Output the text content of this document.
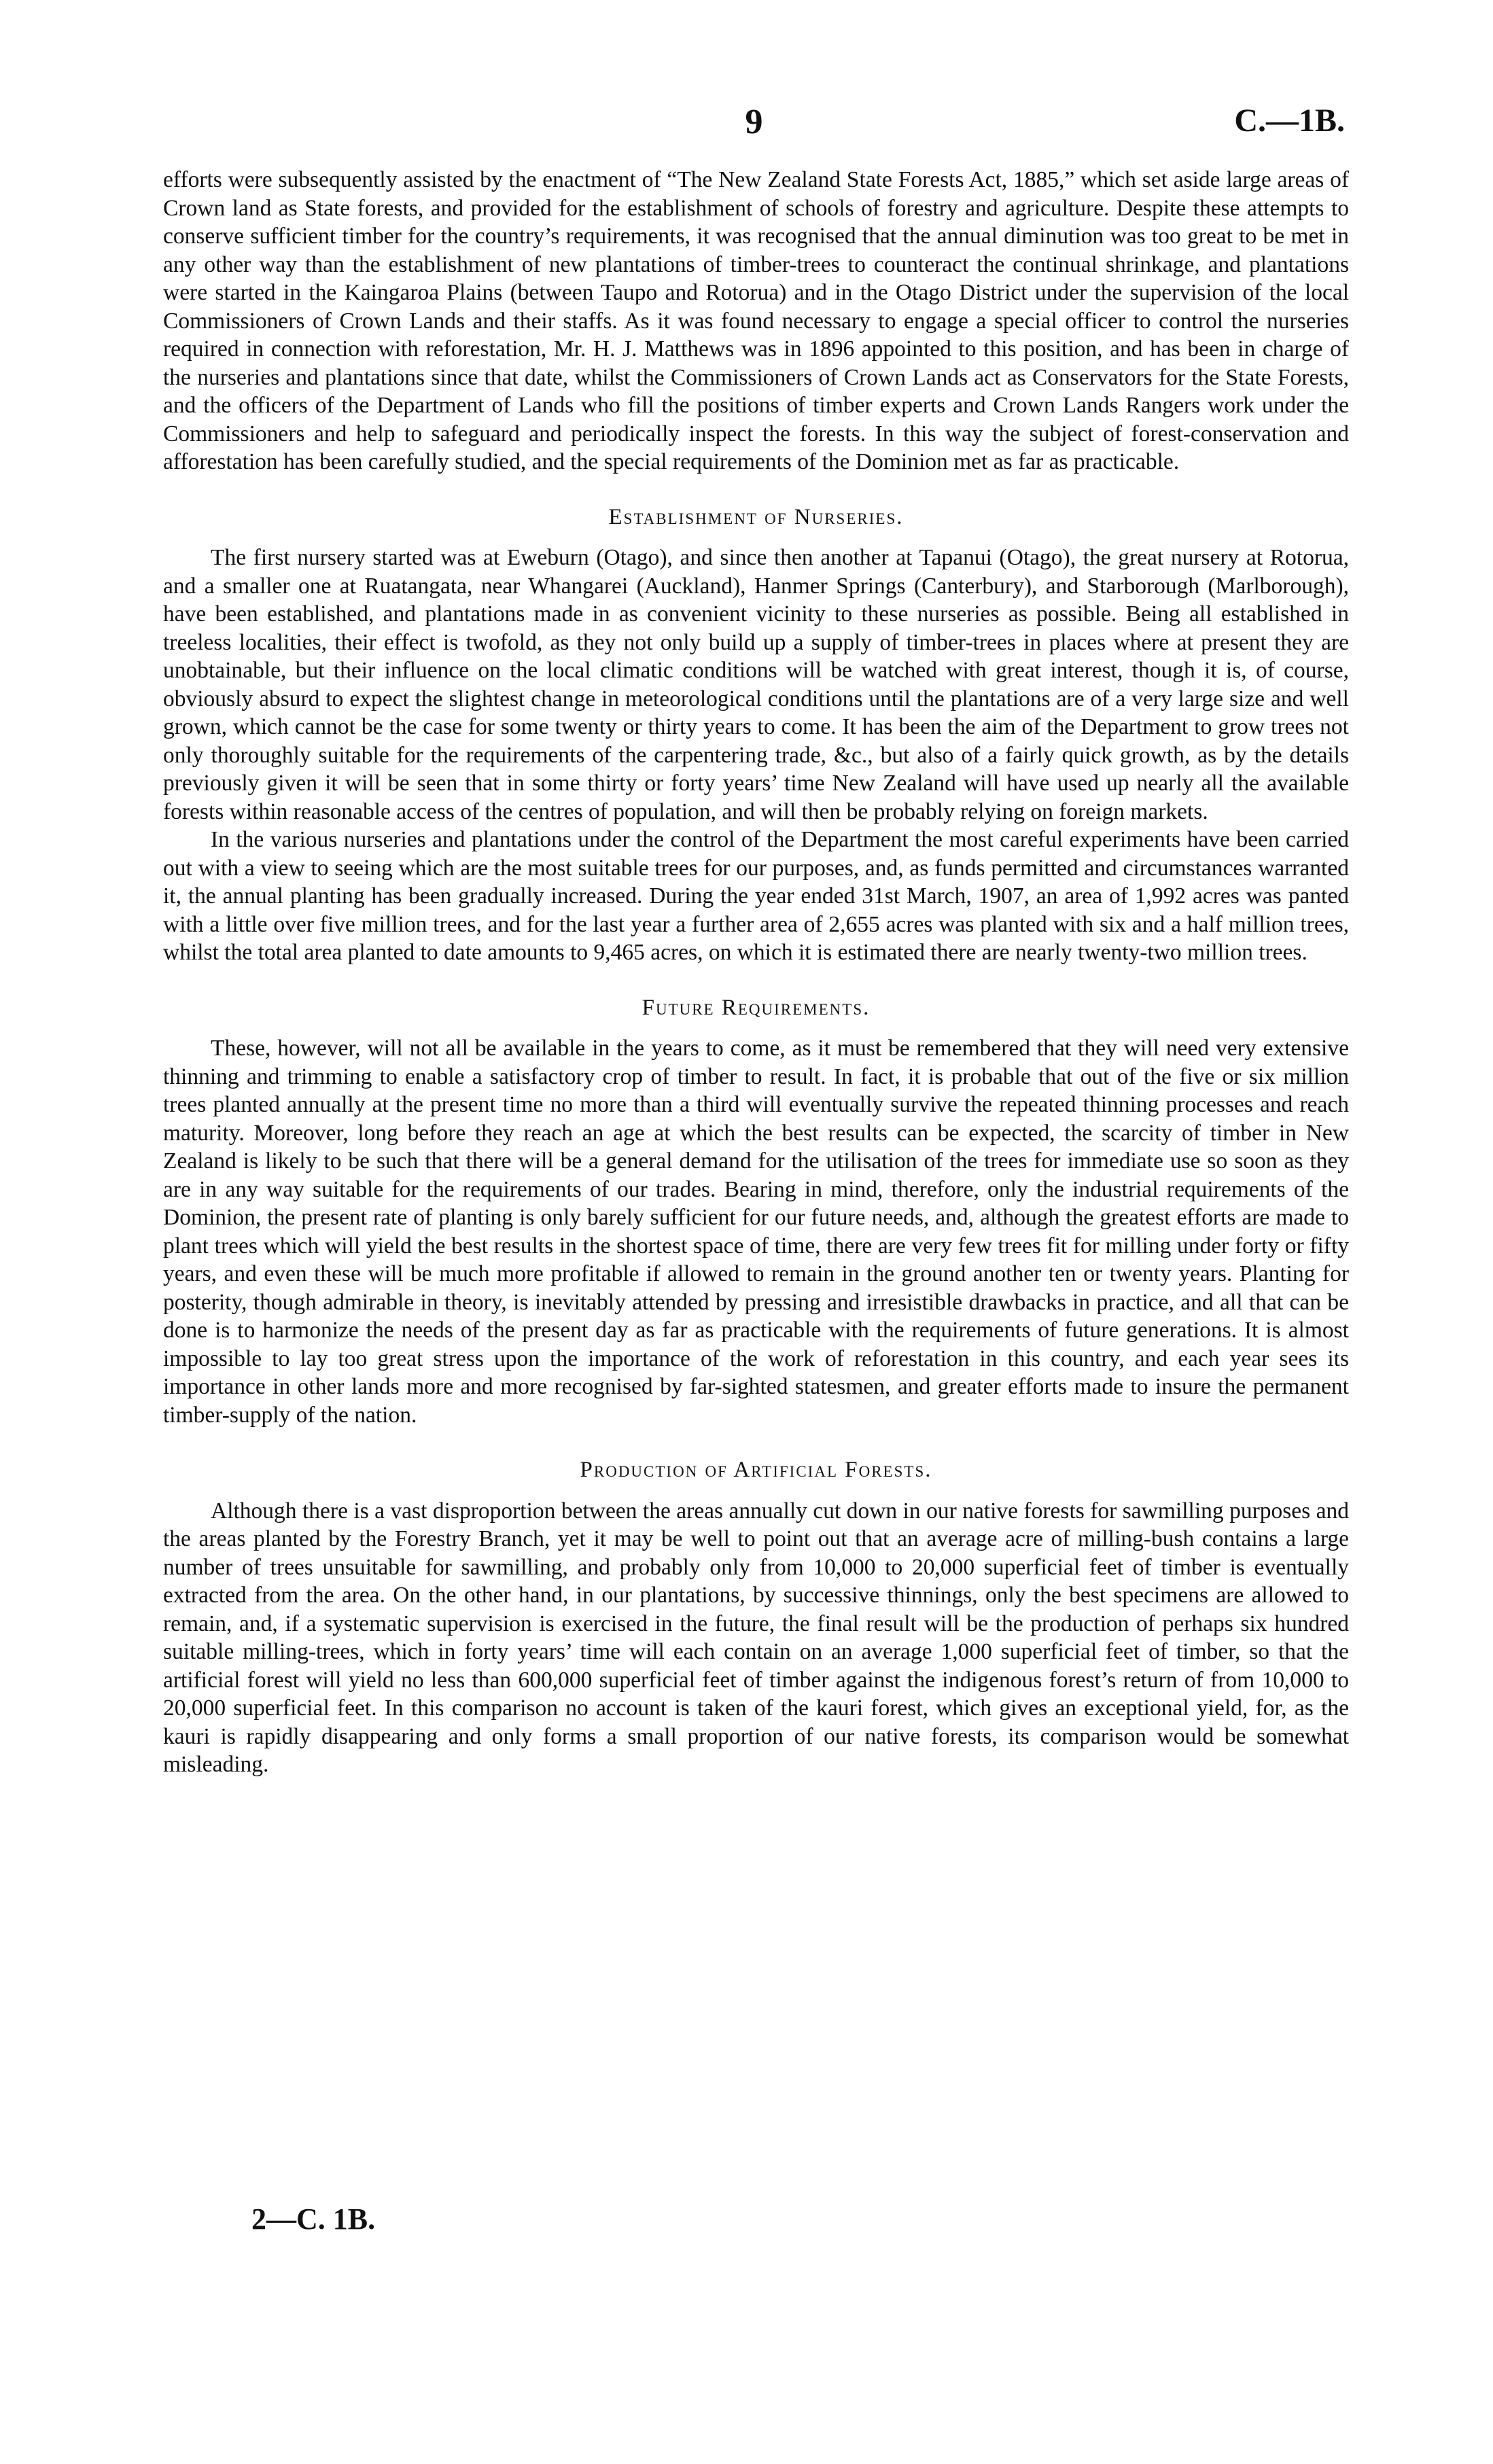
9	C.—1B.

efforts were subsequently assisted by the enactment of “The New Zealand State Forests Act, 1885,” which set aside large areas of Crown land as State forests, and provided for the establishment of schools of forestry and agriculture. Despite these attempts to conserve sufficient timber for the country’s requirements, it was recognised that the annual diminution was too great to be met in any other way than the establishment of new plantations of timber-trees to counteract the continual shrinkage, and plantations were started in the Kaingaroa Plains (between Taupo and Rotorua) and in the Otago District under the supervision of the local Commissioners of Crown Lands and their staffs. As it was found necessary to engage a special officer to control the nurseries required in connection with reforestation, Mr. H. J. Matthews was in 1896 appointed to this position, and has been in charge of the nurseries and plantations since that date, whilst the Commissioners of Crown Lands act as Conservators for the State Forests, and the officers of the Department of Lands who fill the positions of timber experts and Crown Lands Rangers work under the Commissioners and help to safeguard and periodically inspect the forests. In this way the subject of forest-conservation and afforestation has been carefully studied, and the special requirements of the Dominion met as far as practicable.

Establishment of Nurseries.

The first nursery started was at Eweburn (Otago), and since then another at Tapanui (Otago), the great nursery at Rotorua, and a smaller one at Ruatangata, near Whangarei (Auckland), Hanmer Springs (Canterbury), and Starborough (Marlborough), have been established, and plantations made in as convenient vicinity to these nurseries as possible. Being all established in treeless localities, their effect is twofold, as they not only build up a supply of timber-trees in places where at present they are unobtainable, but their influence on the local climatic conditions will be watched with great interest, though it is, of course, obviously absurd to expect the slightest change in meteorological conditions until the plantations are of a very large size and well grown, which cannot be the case for some twenty or thirty years to come. It has been the aim of the Department to grow trees not only thoroughly suitable for the requirements of the carpentering trade, &c., but also of a fairly quick growth, as by the details previously given it will be seen that in some thirty or forty years’ time New Zealand will have used up nearly all the available forests within reasonable access of the centres of population, and will then be probably relying on foreign markets.

In the various nurseries and plantations under the control of the Department the most careful experiments have been carried out with a view to seeing which are the most suitable trees for our purposes, and, as funds permitted and circumstances warranted it, the annual planting has been gradually increased. During the year ended 31st March, 1907, an area of 1,992 acres was panted with a little over five million trees, and for the last year a further area of 2,655 acres was planted with six and a half million trees, whilst the total area planted to date amounts to 9,465 acres, on which it is estimated there are nearly twenty-two million trees.

Future Requirements.

These, however, will not all be available in the years to come, as it must be remembered that they will need very extensive thinning and trimming to enable a satisfactory crop of timber to result. In fact, it is probable that out of the five or six million trees planted annually at the present time no more than a third will eventually survive the repeated thinning processes and reach maturity. Moreover, long before they reach an age at which the best results can be expected, the scarcity of timber in New Zealand is likely to be such that there will be a general demand for the utilisation of the trees for immediate use so soon as they are in any way suitable for the requirements of our trades. Bearing in mind, therefore, only the industrial requirements of the Dominion, the present rate of planting is only barely sufficient for our future needs, and, although the greatest efforts are made to plant trees which will yield the best results in the shortest space of time, there are very few trees fit for milling under forty or fifty years, and even these will be much more profitable if allowed to remain in the ground another ten or twenty years. Planting for posterity, though admirable in theory, is inevitably attended by pressing and irresistible drawbacks in practice, and all that can be done is to harmonize the needs of the present day as far as practicable with the requirements of future generations. It is almost impossible to lay too great stress upon the importance of the work of reforestation in this country, and each year sees its importance in other lands more and more recognised by far-sighted statesmen, and greater efforts made to insure the permanent timber-supply of the nation.

Production of Artificial Forests.

Although there is a vast disproportion between the areas annually cut down in our native forests for sawmilling purposes and the areas planted by the Forestry Branch, yet it may be well to point out that an average acre of milling-bush contains a large number of trees unsuitable for sawmilling, and probably only from 10,000 to 20,000 superficial feet of timber is eventually extracted from the area. On the other hand, in our plantations, by successive thinnings, only the best specimens are allowed to remain, and, if a systematic supervision is exercised in the future, the final result will be the production of perhaps six hundred suitable milling-trees, which in forty years’ time will each contain on an average 1,000 superficial feet of timber, so that the artificial forest will yield no less than 600,000 superficial feet of timber against the indigenous forest’s return of from 10,000 to 20,000 superficial feet. In this comparison no account is taken of the kauri forest, which gives an exceptional yield, for, as the kauri is rapidly disappearing and only forms a small proportion of our native forests, its comparison would be somewhat misleading.

2—C. 1B.
